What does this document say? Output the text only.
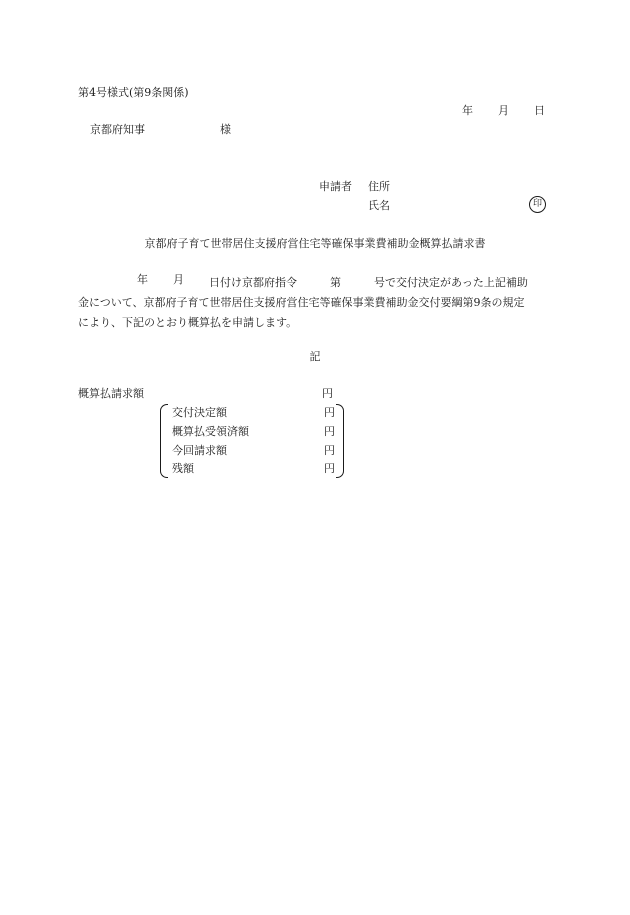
第4号様式(第9条関係)
年 月 日
京都府知事	様
申請者 住所
氏名	印
京都府子育て世帯居住支援府営住宅等確保事業費補助金概算払請求書
年 月	日付け京都府指令　　　第　　　号で交付決定があった上記補助
金について、京都府子育て世帯居住支援府営住宅等確保事業費補助金交付要綱第9条の規定
により、下記のとおり概算払を申請します。
記
概算払請求額	円
交付決定額	円
概算払受領済額	円
今回請求額	円
残額	円
